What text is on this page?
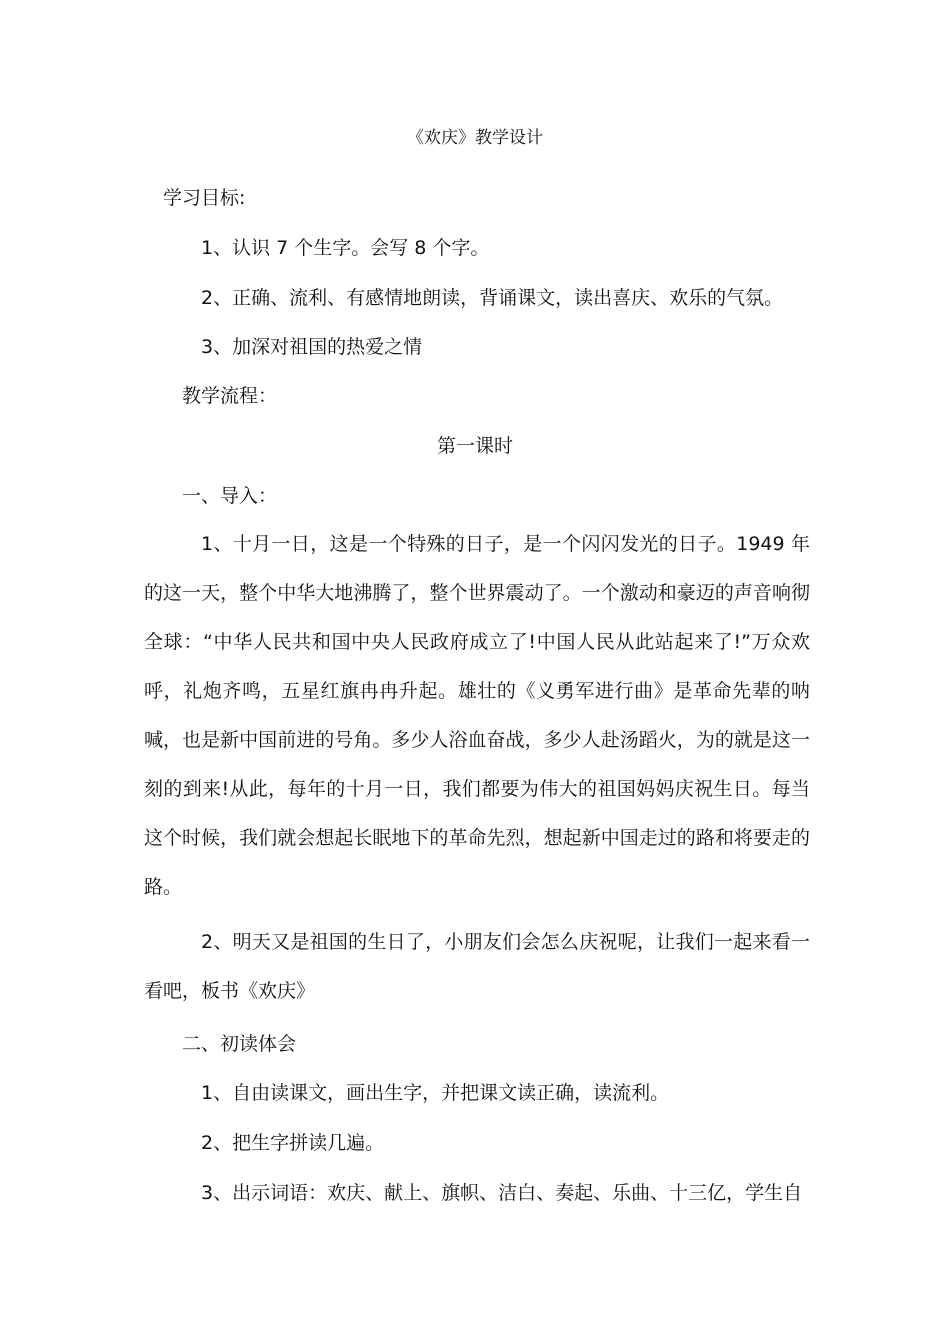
《欢庆》教学设计
学习目标:
1、认识 7 个生字。会写 8 个字。
2、正确、流利、有感情地朗读，背诵课文，读出喜庆、欢乐的气氛。
3、加深对祖国的热爱之情
教学流程：
第一课时
一、导入：

1、十月一日，这是一个特殊的日子，是一个闪闪发光的日子。1949 年的这一天，整个中华大地沸腾了，整个世界震动了。一个激动和豪迈的声音响彻全球：“中华人民共和国中央人民政府成立了!中国人民从此站起来了!”万众欢呼，礼炮齐鸣，五星红旗冉冉升起。雄壮的《义勇军进行曲》是革命先辈的呐喊，也是新中国前进的号角。多少人浴血奋战，多少人赴汤蹈火，为的就是这一刻的到来!从此，每年的十月一日，我们都要为伟大的祖国妈妈庆祝生日。每当这个时候，我们就会想起长眠地下的革命先烈，想起新中国走过的路和将要走的路。

2、明天又是祖国的生日了，小朋友们会怎么庆祝呢，让我们一起来看一看吧，板书《欢庆》

二、初读体会
1、自由读课文，画出生字，并把课文读正确，读流利。
2、把生字拼读几遍。
3、出示词语：欢庆、献上、旗帜、洁白、奏起、乐曲、十三亿，学生自
